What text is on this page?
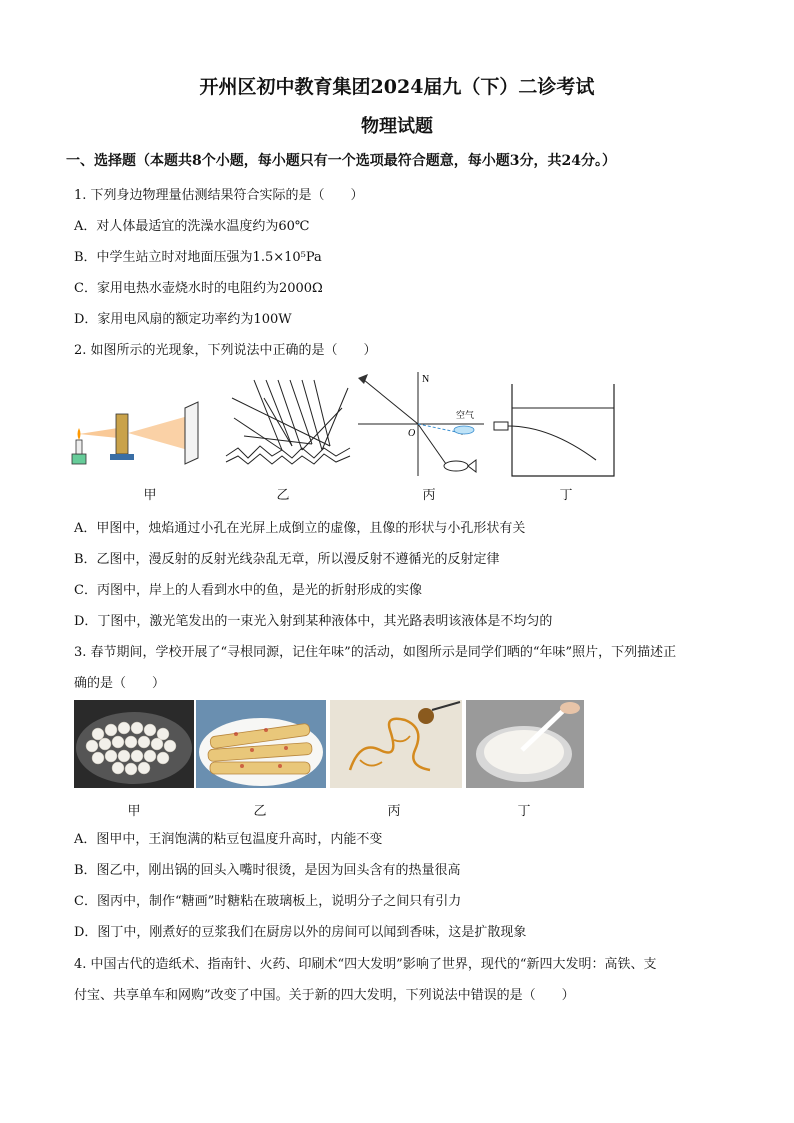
开州区初中教育集团2024届九（下）二诊考试
物理试题
一、选择题（本题共8个小题，每小题只有一个选项最符合题意，每小题3分，共24分。）
1. 下列身边物理量估测结果符合实际的是（　　）
A．对人体最适宜的洗澡水温度约为60℃
B．中学生站立时对地面压强为1.5×10⁵Pa
C．家用电热水壶烧水时的电阻约为2000Ω
D．家用电风扇的额定功率约为100W
2. 如图所示的光现象，下列说法中正确的是（　　）
N
O
空气
甲	乙	丙	丁
A．甲图中，烛焰通过小孔在光屏上成倒立的虚像，且像的形状与小孔形状有关
B．乙图中，漫反射的反射光线杂乱无章，所以漫反射不遵循光的反射定律
C．丙图中，岸上的人看到水中的鱼，是光的折射形成的实像
D．丁图中，激光笔发出的一束光入射到某种液体中，其光路表明该液体是不均匀的
3. 春节期间，学校开展了“寻根同源，记住年味”的活动，如图所示是同学们晒的“年味”照片，下列描述正
确的是（　　）
甲	乙	丙	丁
A．图甲中，王润饱满的粘豆包温度升高时，内能不变
B．图乙中，刚出锅的回头入嘴时很烫，是因为回头含有的热量很高
C．图丙中，制作“糖画”时糖粘在玻璃板上，说明分子之间只有引力
D．图丁中，刚煮好的豆浆我们在厨房以外的房间可以闻到香味，这是扩散现象
4. 中国古代的造纸术、指南针、火药、印刷术“四大发明”影响了世界，现代的“新四大发明：高铁、支
付宝、共享单车和网购”改变了中国。关于新的四大发明，下列说法中错误的是（　　）
